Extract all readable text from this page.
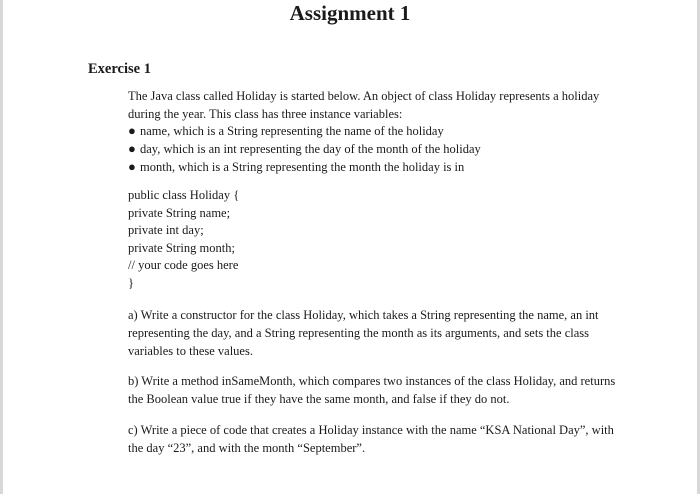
Assignment 1
Exercise 1
The Java class called Holiday is started below. An object of class Holiday represents a holiday during the year. This class has three instance variables:
● name, which is a String representing the name of the holiday
● day, which is an int representing the day of the month of the holiday
● month, which is a String representing the month the holiday is in
public class Holiday {
private String name;
private int day;
private String month;
// your code goes here
}
a) Write a constructor for the class Holiday, which takes a String representing the name, an int representing the day, and a String representing the month as its arguments, and sets the class variables to these values.
b) Write a method inSameMonth, which compares two instances of the class Holiday, and returns the Boolean value true if they have the same month, and false if they do not.
c) Write a piece of code that creates a Holiday instance with the name “KSA National Day”, with the day “23”, and with the month “September”.
